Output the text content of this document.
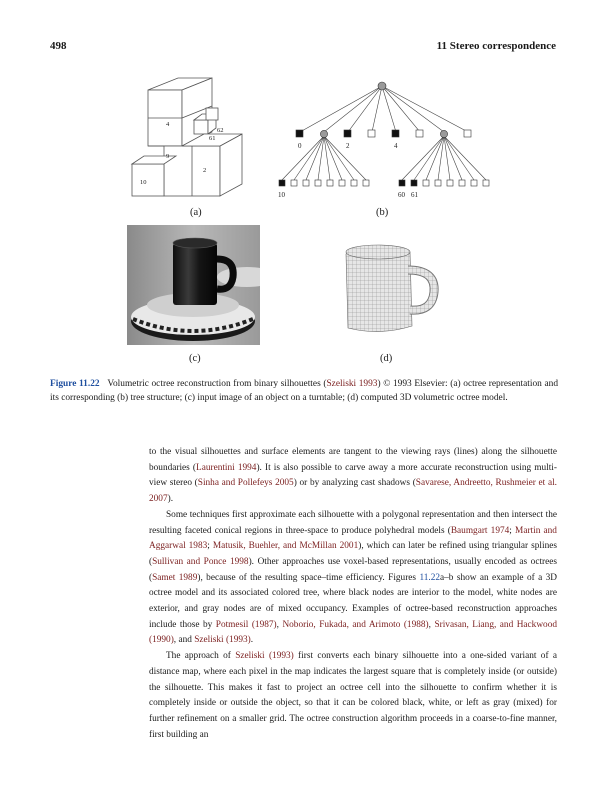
498	11 Stereo correspondence
4
62
61
9
2
10
0	2	4
10	60 61
(a)	(b)
(c)	(d)
Figure 11.22 Volumetric octree reconstruction from binary silhouettes (Szeliski 1993) © 1993 Elsevier: (a) octree representation and its corresponding (b) tree structure; (c) input image of an object on a turntable; (d) computed 3D volumetric octree model.

to the visual silhouettes and surface elements are tangent to the viewing rays (lines) along the silhouette boundaries (Laurentini 1994). It is also possible to carve away a more accurate reconstruction using multi-view stereo (Sinha and Pollefeys 2005) or by analyzing cast shadows (Savarese, Andreetto, Rushmeier et al. 2007).

Some techniques first approximate each silhouette with a polygonal representation and then intersect the resulting faceted conical regions in three-space to produce polyhedral models (Baumgart 1974; Martin and Aggarwal 1983; Matusik, Buehler, and McMillan 2001), which can later be refined using triangular splines (Sullivan and Ponce 1998). Other approaches use voxel-based representations, usually encoded as octrees (Samet 1989), because of the resulting space–time efficiency. Figures 11.22a–b show an example of a 3D octree model and its associated colored tree, where black nodes are interior to the model, white nodes are exterior, and gray nodes are of mixed occupancy. Examples of octree-based reconstruction approaches include those by Potmesil (1987), Noborio, Fukada, and Arimoto (1988), Srivasan, Liang, and Hackwood (1990), and Szeliski (1993).

The approach of Szeliski (1993) first converts each binary silhouette into a one-sided variant of a distance map, where each pixel in the map indicates the largest square that is completely inside (or outside) the silhouette. This makes it fast to project an octree cell into the silhouette to confirm whether it is completely inside or outside the object, so that it can be colored black, white, or left as gray (mixed) for further refinement on a smaller grid. The octree construction algorithm proceeds in a coarse-to-fine manner, first building an
